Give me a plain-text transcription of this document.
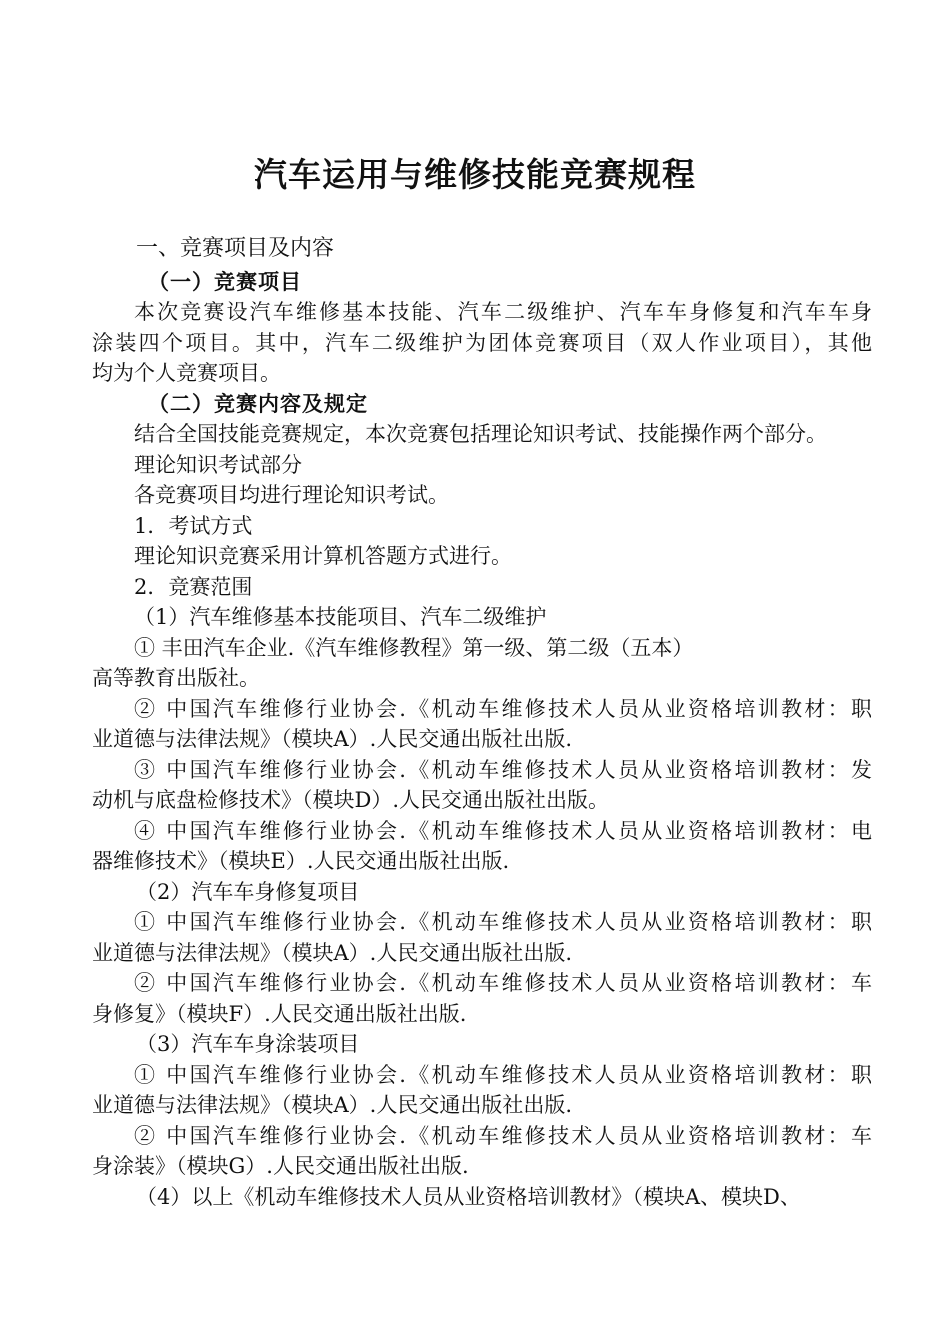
汽车运用与维修技能竞赛规程
一、竞赛项目及内容
（一）竞赛项目
本次竞赛设汽车维修基本技能、汽车二级维护、汽车车身修复和汽车车身
涂装四个项目。其中，汽车二级维护为团体竞赛项目（双人作业项目），其他
均为个人竞赛项目。
（二）竞赛内容及规定
结合全国技能竞赛规定，本次竞赛包括理论知识考试、技能操作两个部分。
理论知识考试部分
各竞赛项目均进行理论知识考试。
1．考试方式
理论知识竞赛采用计算机答题方式进行。
2．竞赛范围
（1）汽车维修基本技能项目、汽车二级维护
① 丰田汽车企业.《汽车维修教程》第一级、第二级（五本）
高等教育出版社。
② 中国汽车维修行业协会.《机动车维修技术人员从业资格培训教材：职
业道德与法律法规》（模块A）.人民交通出版社出版.
③ 中国汽车维修行业协会.《机动车维修技术人员从业资格培训教材：发
动机与底盘检修技术》（模块D）.人民交通出版社出版。
④ 中国汽车维修行业协会.《机动车维修技术人员从业资格培训教材：电
器维修技术》（模块E）.人民交通出版社出版.
（2）汽车车身修复项目
① 中国汽车维修行业协会.《机动车维修技术人员从业资格培训教材：职
业道德与法律法规》（模块A）.人民交通出版社出版.
② 中国汽车维修行业协会.《机动车维修技术人员从业资格培训教材：车
身修复》（模块F）.人民交通出版社出版.
（3）汽车车身涂装项目
① 中国汽车维修行业协会.《机动车维修技术人员从业资格培训教材：职
业道德与法律法规》（模块A）.人民交通出版社出版.
② 中国汽车维修行业协会.《机动车维修技术人员从业资格培训教材：车
身涂装》（模块G）.人民交通出版社出版.
（4）以上《机动车维修技术人员从业资格培训教材》（模块A、模块D、
